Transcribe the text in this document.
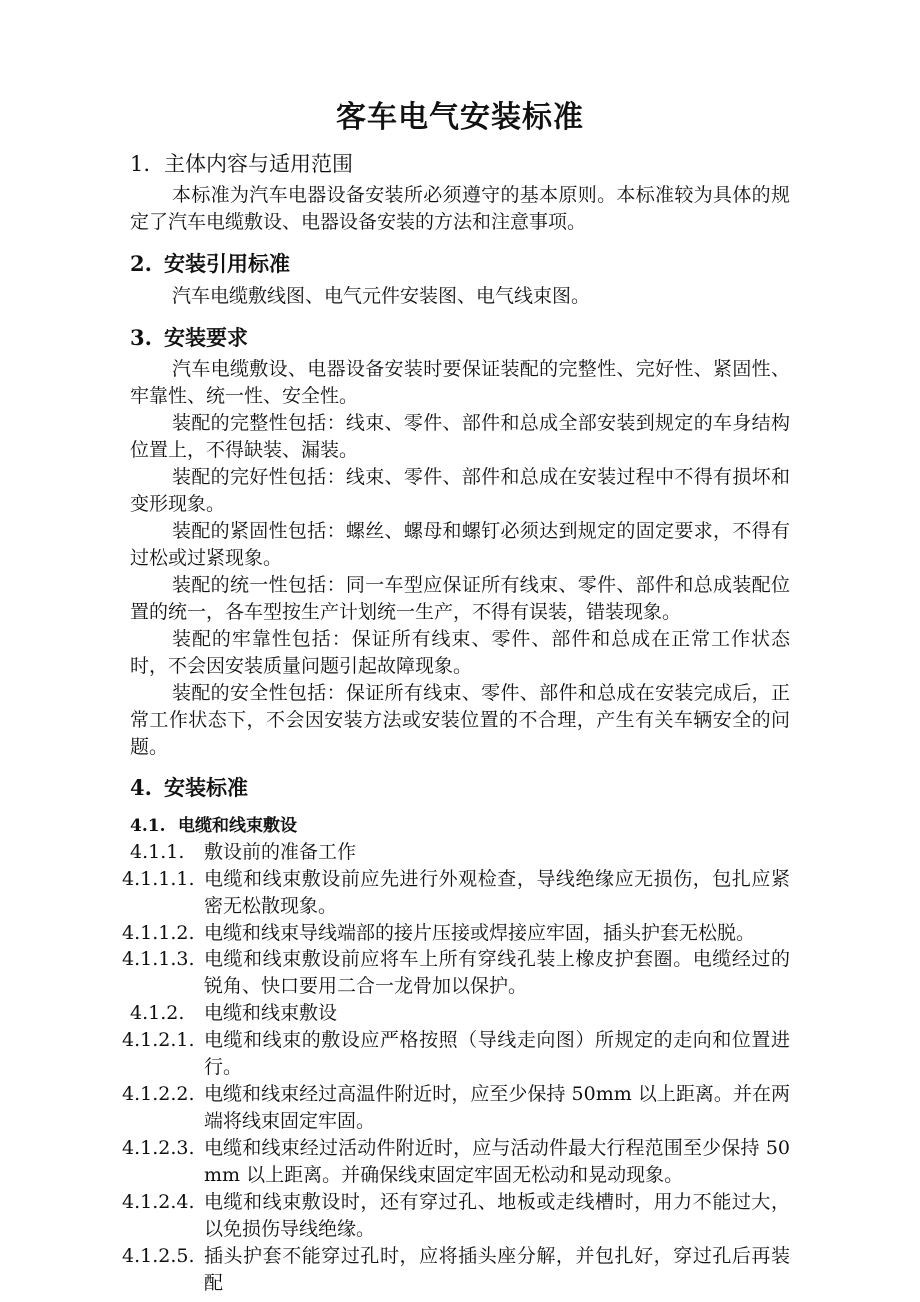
客车电气安装标准
1. 主体内容与适用范围

本标准为汽车电器设备安装所必须遵守的基本原则。本标准较为具体的规定了汽车电缆敷设、电器设备安装的方法和注意事项。

2. 安装引用标准

汽车电缆敷线图、电气元件安装图、电气线束图。

3. 安装要求

汽车电缆敷设、电器设备安装时要保证装配的完整性、完好性、紧固性、牢靠性、统一性、安全性。

装配的完整性包括：线束、零件、部件和总成全部安装到规定的车身结构位置上，不得缺装、漏装。

装配的完好性包括：线束、零件、部件和总成在安装过程中不得有损坏和变形现象。

装配的紧固性包括：螺丝、螺母和螺钉必须达到规定的固定要求，不得有过松或过紧现象。

装配的统一性包括：同一车型应保证所有线束、零件、部件和总成装配位置的统一，各车型按生产计划统一生产，不得有误装，错装现象。

装配的牢靠性包括：保证所有线束、零件、部件和总成在正常工作状态时，不会因安装质量问题引起故障现象。

装配的安全性包括：保证所有线束、零件、部件和总成在安装完成后，正常工作状态下，不会因安装方法或安装位置的不合理，产生有关车辆安全的问题。

4. 安装标准
4.1. 电缆和线束敷设
4.1.1.	敷设前的准备工作
4.1.1.1. 电缆和线束敷设前应先进行外观检查，导线绝缘应无损伤，包扎应紧密无松散现象。
4.1.1.2. 电缆和线束导线端部的接片压接或焊接应牢固，插头护套无松脱。
4.1.1.3. 电缆和线束敷设前应将车上所有穿线孔装上橡皮护套圈。电缆经过的锐角、快口要用二合一龙骨加以保护。
4.1.2.	电缆和线束敷设
4.1.2.1. 电缆和线束的敷设应严格按照（导线走向图）所规定的走向和位置进行。
4.1.2.2. 电缆和线束经过高温件附近时，应至少保持 50mm 以上距离。并在两端将线束固定牢固。
4.1.2.3. 电缆和线束经过活动件附近时，应与活动件最大行程范围至少保持 50mm 以上距离。并确保线束固定牢固无松动和晃动现象。
4.1.2.4. 电缆和线束敷设时，还有穿过孔、地板或走线槽时，用力不能过大，以免损伤导线绝缘。
4.1.2.5. 插头护套不能穿过孔时，应将插头座分解，并包扎好，穿过孔后再装配
